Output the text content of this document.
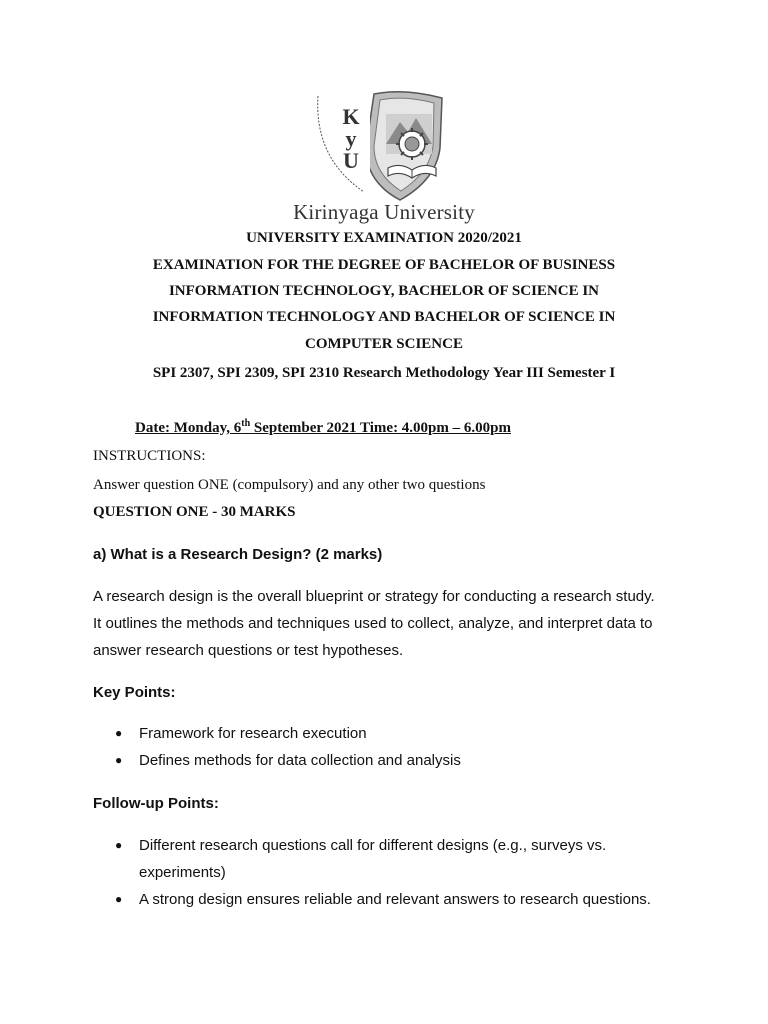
K
y
U
Kirinyaga University
UNIVERSITY EXAMINATION 2020/2021
EXAMINATION FOR THE DEGREE OF BACHELOR OF BUSINESS
INFORMATION TECHNOLOGY, BACHELOR OF SCIENCE IN
INFORMATION TECHNOLOGY AND BACHELOR OF SCIENCE IN
COMPUTER SCIENCE
SPI 2307, SPI 2309, SPI 2310 Research Methodology Year III Semester I
Date: Monday, 6th September 2021 Time: 4.00pm – 6.00pm
INSTRUCTIONS:
Answer question ONE (compulsory) and any other two questions
QUESTION ONE - 30 MARKS
a) What is a Research Design? (2 marks)
A research design is the overall blueprint or strategy for conducting a research study.
It outlines the methods and techniques used to collect, analyze, and interpret data to
answer research questions or test hypotheses.
Key Points:
● Framework for research execution
● Defines methods for data collection and analysis
Follow-up Points:
● Different research questions call for different designs (e.g., surveys vs.
experiments)
● A strong design ensures reliable and relevant answers to research questions.
